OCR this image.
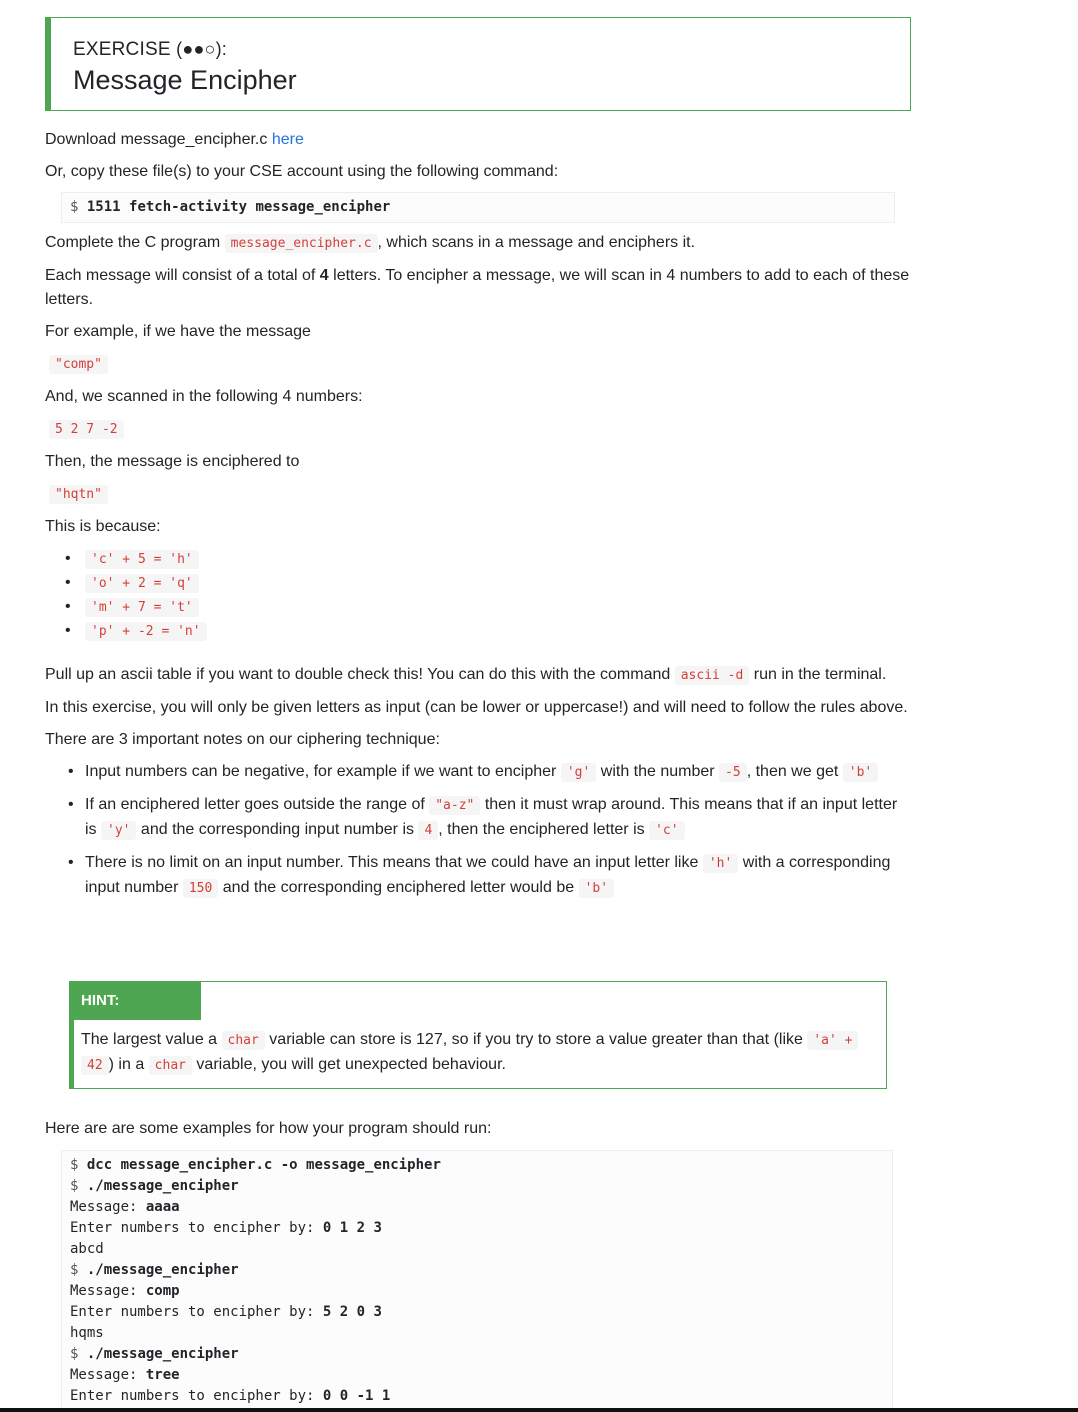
EXERCISE (●●○):
Message Encipher

Download message_encipher.c here

Or, copy these file(s) to your CSE account using the following command:

$ 1511 fetch-activity message_encipher

Complete the C program message_encipher.c , which scans in a message and enciphers it.

Each message will consist of a total of 4 letters. To encipher a message, we will scan in 4 numbers to add to each of these letters.

For example, if we have the message

"comp"

And, we scanned in the following 4 numbers:

5 2 7 -2

Then, the message is enciphered to

"hqtn"

This is because:

• 'c' + 5 = 'h'
• 'o' + 2 = 'q'
• 'm' + 7 = 't'
• 'p' + -2 = 'n'

Pull up an ascii table if you want to double check this! You can do this with the command ascii -d run in the terminal.

In this exercise, you will only be given letters as input (can be lower or uppercase!) and will need to follow the rules above.

There are 3 important notes on our ciphering technique:

• Input numbers can be negative, for example if we want to encipher 'g' with the number -5 , then we get 'b'
• If an enciphered letter goes outside the range of "a-z" then it must wrap around. This means that if an input letter is 'y' and the corresponding input number is 4 , then the enciphered letter is 'c'
• There is no limit on an input number. This means that we could have an input letter like 'h' with a corresponding input number 150 and the corresponding enciphered letter would be 'b'
HINT:
The largest value a char variable can store is 127, so if you try to store a value greater than that (like 'a' +
42 ) in a char variable, you will get unexpected behaviour.

Here are are some examples for how your program should run:

$ dcc message_encipher.c -o message_encipher
$ ./message_encipher
Message: aaaa
Enter numbers to encipher by: 0 1 2 3
abcd
$ ./message_encipher
Message: comp
Enter numbers to encipher by: 5 2 0 3
hqms
$ ./message_encipher
Message: tree
Enter numbers to encipher by: 0 0 -1 1
